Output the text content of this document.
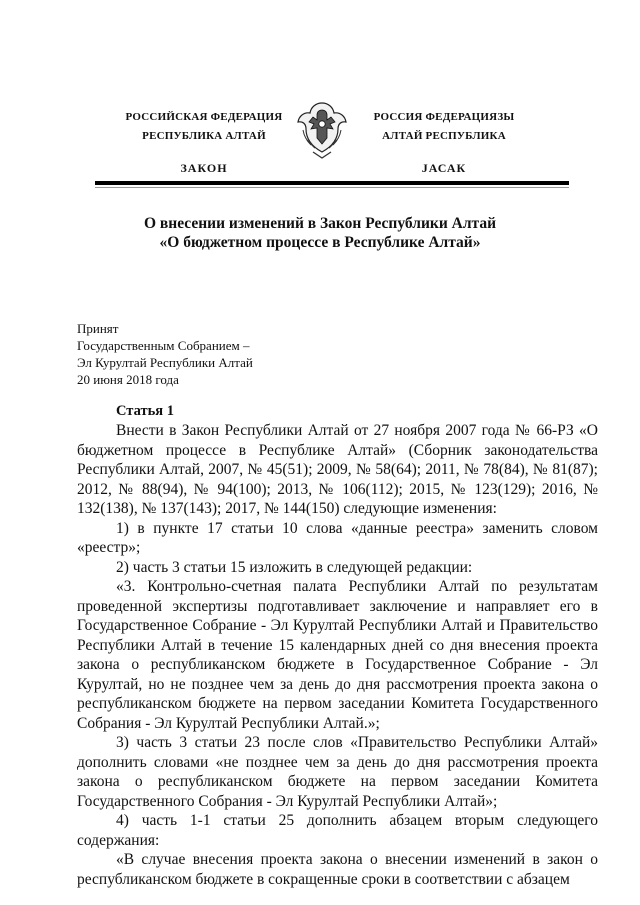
РОССИЙСКАЯ ФЕДЕРАЦИЯ
РЕСПУБЛИКА АЛТАЙ
ЗАКОН
РОССИЯ ФЕДЕРАЦИЯЗЫ
АЛТАЙ РЕСПУБЛИКА
JАСАК
О внесении изменений в Закон Республики Алтай
«О бюджетном процессе в Республике Алтай»
Принят
Государственным Собранием –
Эл Курултай Республики Алтай
20 июня 2018 года
Статья 1

Внести в Закон Республики Алтай от 27 ноября 2007 года № 66-РЗ «О бюджетном процессе в Республике Алтай» (Сборник законодательства Республики Алтай, 2007, № 45(51); 2009, № 58(64); 2011, № 78(84), № 81(87); 2012, № 88(94), № 94(100); 2013, № 106(112); 2015, № 123(129); 2016, № 132(138), № 137(143); 2017, № 144(150) следующие изменения:

1) в пункте 17 статьи 10 слова «данные реестра» заменить словом «реестр»;

2) часть 3 статьи 15 изложить в следующей редакции:

«3. Контрольно-счетная палата Республики Алтай по результатам проведенной экспертизы подготавливает заключение и направляет его в Государственное Собрание - Эл Курултай Республики Алтай и Правительство Республики Алтай в течение 15 календарных дней со дня внесения проекта закона о республиканском бюджете в Государственное Собрание - Эл Курултай, но не позднее чем за день до дня рассмотрения проекта закона о республиканском бюджете на первом заседании Комитета Государственного Собрания - Эл Курултай Республики Алтай.»;

3) часть 3 статьи 23 после слов «Правительство Республики Алтай» дополнить словами «не позднее чем за день до дня рассмотрения проекта закона о республиканском бюджете на первом заседании Комитета Государственного Собрания - Эл Курултай Республики Алтай»;

4) часть 1-1 статьи 25 дополнить абзацем вторым следующего содержания:

«В случае внесения проекта закона о внесении изменений в закон о республиканском бюджете в сокращенные сроки в соответствии с абзацем
